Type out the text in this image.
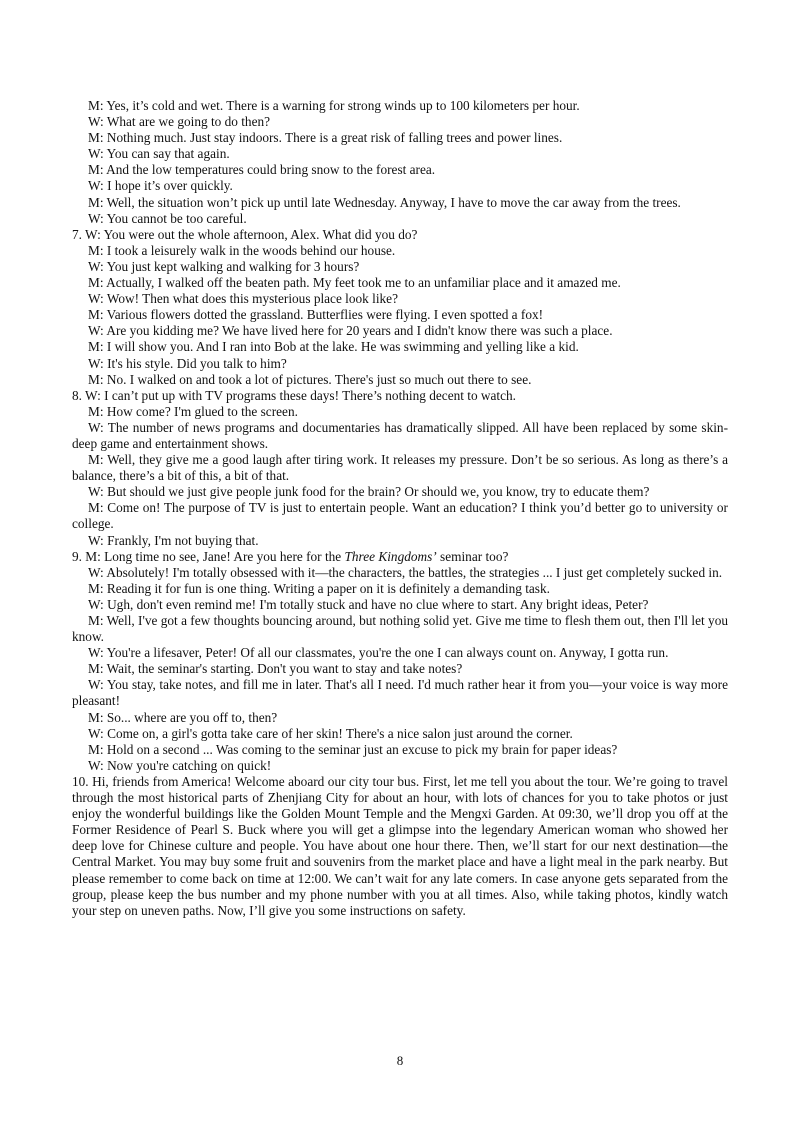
M: Yes, it’s cold and wet. There is a warning for strong winds up to 100 kilometers per hour.

W: What are we going to do then?

M: Nothing much. Just stay indoors. There is a great risk of falling trees and power lines.

W: You can say that again.

M: And the low temperatures could bring snow to the forest area.

W: I hope it’s over quickly.

M: Well, the situation won’t pick up until late Wednesday. Anyway, I have to move the car away from the trees.

W: You cannot be too careful.

7. W: You were out the whole afternoon, Alex. What did you do?

M: I took a leisurely walk in the woods behind our house.

W: You just kept walking and walking for 3 hours?

M: Actually, I walked off the beaten path. My feet took me to an unfamiliar place and it amazed me.

W: Wow! Then what does this mysterious place look like?

M: Various flowers dotted the grassland. Butterflies were flying. I even spotted a fox!

W: Are you kidding me? We have lived here for 20 years and I didn't know there was such a place.

M: I will show you. And I ran into Bob at the lake. He was swimming and yelling like a kid.

W: It's his style. Did you talk to him?

M: No. I walked on and took a lot of pictures. There's just so much out there to see.

8. W: I can’t put up with TV programs these days! There’s nothing decent to watch.

M: How come? I'm glued to the screen.

W: The number of news programs and documentaries has dramatically slipped. All have been replaced by some skin-deep game and entertainment shows.

M: Well, they give me a good laugh after tiring work. It releases my pressure. Don’t be so serious. As long as there’s a balance, there’s a bit of this, a bit of that.

W: But should we just give people junk food for the brain? Or should we, you know, try to educate them?

M: Come on! The purpose of TV is just to entertain people. Want an education? I think you’d better go to university or college.

W: Frankly, I'm not buying that.

9. M: Long time no see, Jane! Are you here for the Three Kingdoms’ seminar too?

W: Absolutely! I'm totally obsessed with it—the characters, the battles, the strategies ... I just get completely sucked in.

M: Reading it for fun is one thing. Writing a paper on it is definitely a demanding task.

W: Ugh, don't even remind me! I'm totally stuck and have no clue where to start. Any bright ideas, Peter?

M: Well, I've got a few thoughts bouncing around, but nothing solid yet. Give me time to flesh them out, then I'll let you know.

W: You're a lifesaver, Peter! Of all our classmates, you're the one I can always count on. Anyway, I gotta run.

M: Wait, the seminar's starting. Don't you want to stay and take notes?

W: You stay, take notes, and fill me in later. That's all I need. I'd much rather hear it from you—your voice is way more pleasant!

M: So... where are you off to, then?

W: Come on, a girl's gotta take care of her skin! There's a nice salon just around the corner.

M: Hold on a second ... Was coming to the seminar just an excuse to pick my brain for paper ideas?

W: Now you're catching on quick!

10. Hi, friends from America! Welcome aboard our city tour bus. First, let me tell you about the tour. We’re going to travel through the most historical parts of Zhenjiang City for about an hour, with lots of chances for you to take photos or just enjoy the wonderful buildings like the Golden Mount Temple and the Mengxi Garden. At 09:30, we’ll drop you off at the Former Residence of Pearl S. Buck where you will get a glimpse into the legendary American woman who showed her deep love for Chinese culture and people. You have about one hour there. Then, we’ll start for our next destination—the Central Market. You may buy some fruit and souvenirs from the market place and have a light meal in the park nearby. But please remember to come back on time at 12:00. We can’t wait for any late comers. In case anyone gets separated from the group, please keep the bus number and my phone number with you at all times. Also, while taking photos, kindly watch your step on uneven paths. Now, I’ll give you some instructions on safety.

8
